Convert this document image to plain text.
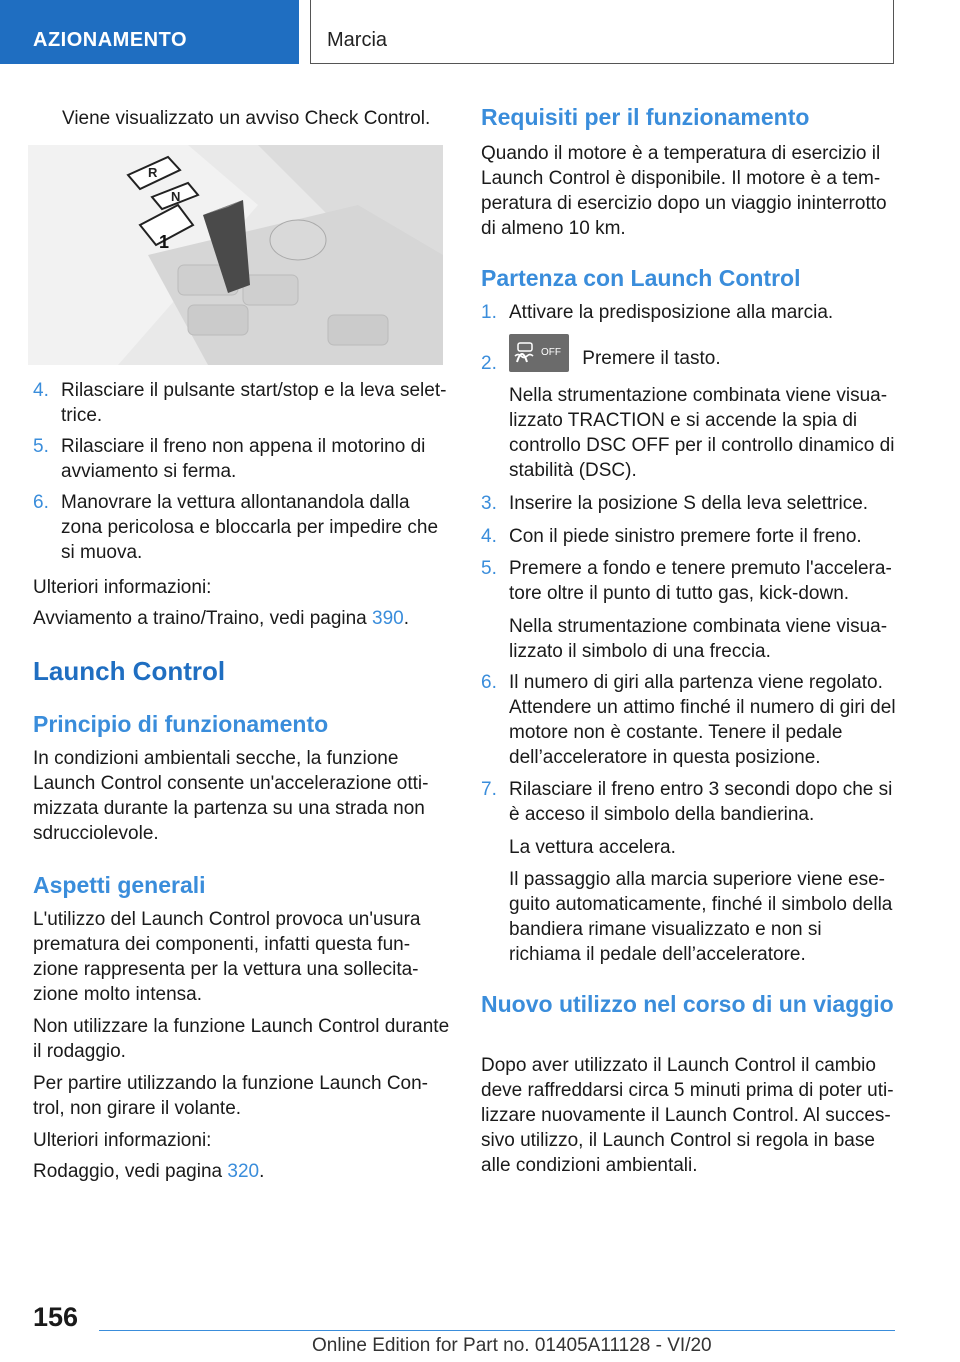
AZIONAMENTO	Marcia

Viene visualizzato un avviso Check Control.

R
N
1
4. Rilasciare il pulsante start/stop e la leva selet-trice.
5. Rilasciare il freno non appena il motorino di avviamento si ferma.
6. Manovrare la vettura allontanandola dalla zona pericolosa e bloccarla per impedire che si muova.

Ulteriori informazioni:

Avviamento a traino/Traino, vedi pagina 390.

Launch Control
Principio di funzionamento

In condizioni ambientali secche, la funzione Launch Control consente un'accelerazione otti-mizzata durante la partenza su una strada non sdrucciolevole.

Aspetti generali

L'utilizzo del Launch Control provoca un'usura prematura dei componenti, infatti questa fun-zione rappresenta per la vettura una sollecita-zione molto intensa.

Non utilizzare la funzione Launch Control durante il rodaggio.

Per partire utilizzando la funzione Launch Con-trol, non girare il volante.

Ulteriori informazioni:

Rodaggio, vedi pagina 320.

Requisiti per il funzionamento

Quando il motore è a temperatura di esercizio il Launch Control è disponibile. Il motore è a tem-peratura di esercizio dopo un viaggio ininterrotto di almeno 10 km.

Partenza con Launch Control
1. Attivare la predisposizione alla marcia.
2.
OFF Premere il tasto.

Nella strumentazione combinata viene visua-lizzato TRACTION e si accende la spia di controllo DSC OFF per il controllo dinamico di stabilità (DSC).

3. Inserire la posizione S della leva selettrice.
4. Con il piede sinistro premere forte il freno.
5. Premere a fondo e tenere premuto l'accelera-tore oltre il punto di tutto gas, kick-down.

Nella strumentazione combinata viene visua-lizzato il simbolo di una freccia.

6. Il numero di giri alla partenza viene regolato. Attendere un attimo finché il numero di giri del motore non è costante. Tenere il pedale dell’acceleratore in questa posizione.
7. Rilasciare il freno entro 3 secondi dopo che si è acceso il simbolo della bandierina.

La vettura accelera.

Il passaggio alla marcia superiore viene ese-guito automaticamente, finché il simbolo della bandiera rimane visualizzato e non si richiama il pedale dell’acceleratore.

Nuovo utilizzo nel corso di un viaggio

Dopo aver utilizzato il Launch Control il cambio deve raffreddarsi circa 5 minuti prima di poter uti-lizzare nuovamente il Launch Control. Al succes-sivo utilizzo, il Launch Control si regola in base alle condizioni ambientali.

156
Online Edition for Part no. 01405A11128 - VI/20
